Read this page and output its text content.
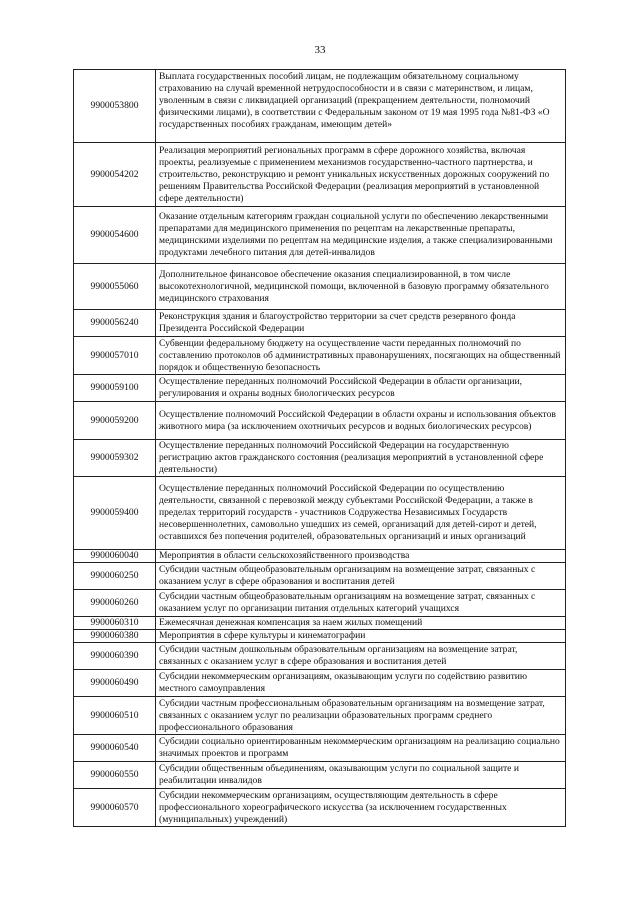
33
9900053800	Выплата государственных пособий лицам, не подлежащим обязательному социальному страхованию на случай временной нетрудоспособности и в связи с материнством, и лицам, уволенным в связи с ликвидацией организаций (прекращением деятельности, полномочий физическими лицами), в соответствии с Федеральным законом от 19 мая 1995 года №81-ФЗ «О государственных пособиях гражданам, имеющим детей»
9900054202	Реализация мероприятий региональных программ в сфере дорожного хозяйства, включая проекты, реализуемые с применением механизмов государственно-частного партнерства, и строительство, реконструкцию и ремонт уникальных искусственных дорожных сооружений по решениям Правительства Российской Федерации (реализация мероприятий в установленной сфере деятельности)
9900054600	Оказание отдельным категориям граждан социальной услуги по обеспечению лекарственными препаратами для медицинского применения по рецептам на лекарственные препараты, медицинскими изделиями по рецептам на медицинские изделия, а также специализированными продуктами лечебного питания для детей-инвалидов
9900055060	Дополнительное финансовое обеспечение оказания специализированной, в том числе высокотехнологичной, медицинской помощи, включенной в базовую программу обязательного медицинского страхования
9900056240	Реконструкция здания и благоустройство территории за счет средств резервного фонда Президента Российской Федерации
9900057010	Субвенции федеральному бюджету на осуществление части переданных полномочий по составлению протоколов об административных правонарушениях, посягающих на общественный порядок и общественную безопасность
9900059100	Осуществление переданных полномочий Российской Федерации в области организации, регулирования и охраны водных биологических ресурсов
9900059200	Осуществление полномочий Российской Федерации в области охраны и использования объектов животного мира (за исключением охотничьих ресурсов и водных биологических ресурсов)
9900059302	Осуществление переданных полномочий Российской Федерации на государственную регистрацию актов гражданского состояния (реализация мероприятий в установленной сфере деятельности)
9900059400	Осуществление переданных полномочий Российской Федерации по осуществлению деятельности, связанной с перевозкой между субъектами Российской Федерации, а также в пределах территорий государств - участников Содружества Независимых Государств несовершеннолетних, самовольно ушедших из семей, организаций для детей-сирот и детей, оставшихся без попечения родителей, образовательных организаций и иных организаций
9900060040	Мероприятия в области сельскохозяйственного производства
9900060250	Субсидии частным общеобразовательным организациям на возмещение затрат, связанных с оказанием услуг в сфере образования и воспитания детей
9900060260	Субсидии частным общеобразовательным организациям на возмещение затрат, связанных с оказанием услуг по организации питания отдельных категорий учащихся
9900060310	Ежемесячная денежная компенсация за наем жилых помещений
9900060380	Мероприятия в сфере культуры и кинематографии
9900060390	Субсидии частным дошкольным образовательным организациям на возмещение затрат, связанных с оказанием услуг в сфере образования и воспитания детей
9900060490	Субсидии некоммерческим организациям, оказывающим услуги по содействию развитию местного самоуправления
9900060510	Субсидии частным профессиональным образовательным организациям на возмещение затрат, связанных с оказанием услуг по реализации образовательных программ среднего профессионального образования
9900060540	Субсидии социально ориентированным некоммерческим организациям на реализацию социально значимых проектов и программ
9900060550	Субсидии общественным объединениям, оказывающим услуги по социальной защите и реабилитации инвалидов
9900060570	Субсидии некоммерческим организациям, осуществляющим деятельность в сфере профессионального хореографического искусства (за исключением государственных (муниципальных) учреждений)
